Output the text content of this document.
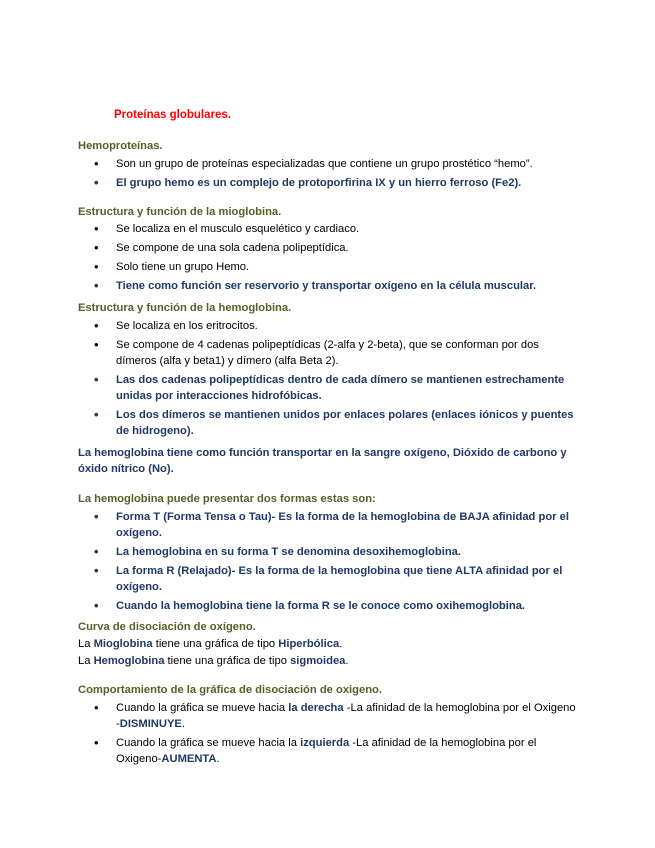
Proteínas globulares.
Hemoproteínas.
• Son un grupo de proteínas especializadas que contiene un grupo prostético “hemo”.
• El grupo hemo es un complejo de protoporfirina IX y un hierro ferroso (Fe2).
Estructura y función de la mioglobina.
• Se localiza en el musculo esquelético y cardiaco.
• Se compone de una sola cadena polipeptídica.
• Solo tiene un grupo Hemo.
• Tiene como función ser reservorio y transportar oxígeno en la célula muscular.
Estructura y función de la hemoglobina.
• Se localiza en los eritrocitos.
• Se compone de 4 cadenas polipeptídicas (2-alfa y 2-beta), que se conforman por dos dímeros (alfa y beta1) y dímero (alfa Beta 2).
• Las dos cadenas polipeptídicas dentro de cada dímero se mantienen estrechamente unidas por interacciones hidrofóbicas.
• Los dos dímeros se mantienen unidos por enlaces polares (enlaces iónicos y puentes de hidrogeno).
La hemoglobina tiene como función transportar en la sangre oxígeno, Dióxido de carbono y óxido nítrico (No).
La hemoglobina puede presentar dos formas estas son:
• Forma T (Forma Tensa o Tau)- Es la forma de la hemoglobina de BAJA afinidad por el oxígeno.
• La hemoglobina en su forma T se denomina desoxihemoglobina.
• La forma R (Relajado)- Es la forma de la hemoglobina que tiene ALTA afinidad por el oxígeno.
• Cuando la hemoglobina tiene la forma R se le conoce como oxihemoglobina.
Curva de disociación de oxígeno.
La Mioglobina tiene una gráfica de tipo Hiperbólica.
La Hemoglobina tiene una gráfica de tipo sigmoidea.
Comportamiento de la gráfica de disociación de oxigeno.
• Cuando la gráfica se mueve hacia la derecha -La afinidad de la hemoglobina por el Oxigeno -DISMINUYE.
• Cuando la gráfica se mueve hacia la izquierda -La afinidad de la hemoglobina por el Oxigeno-AUMENTA.
